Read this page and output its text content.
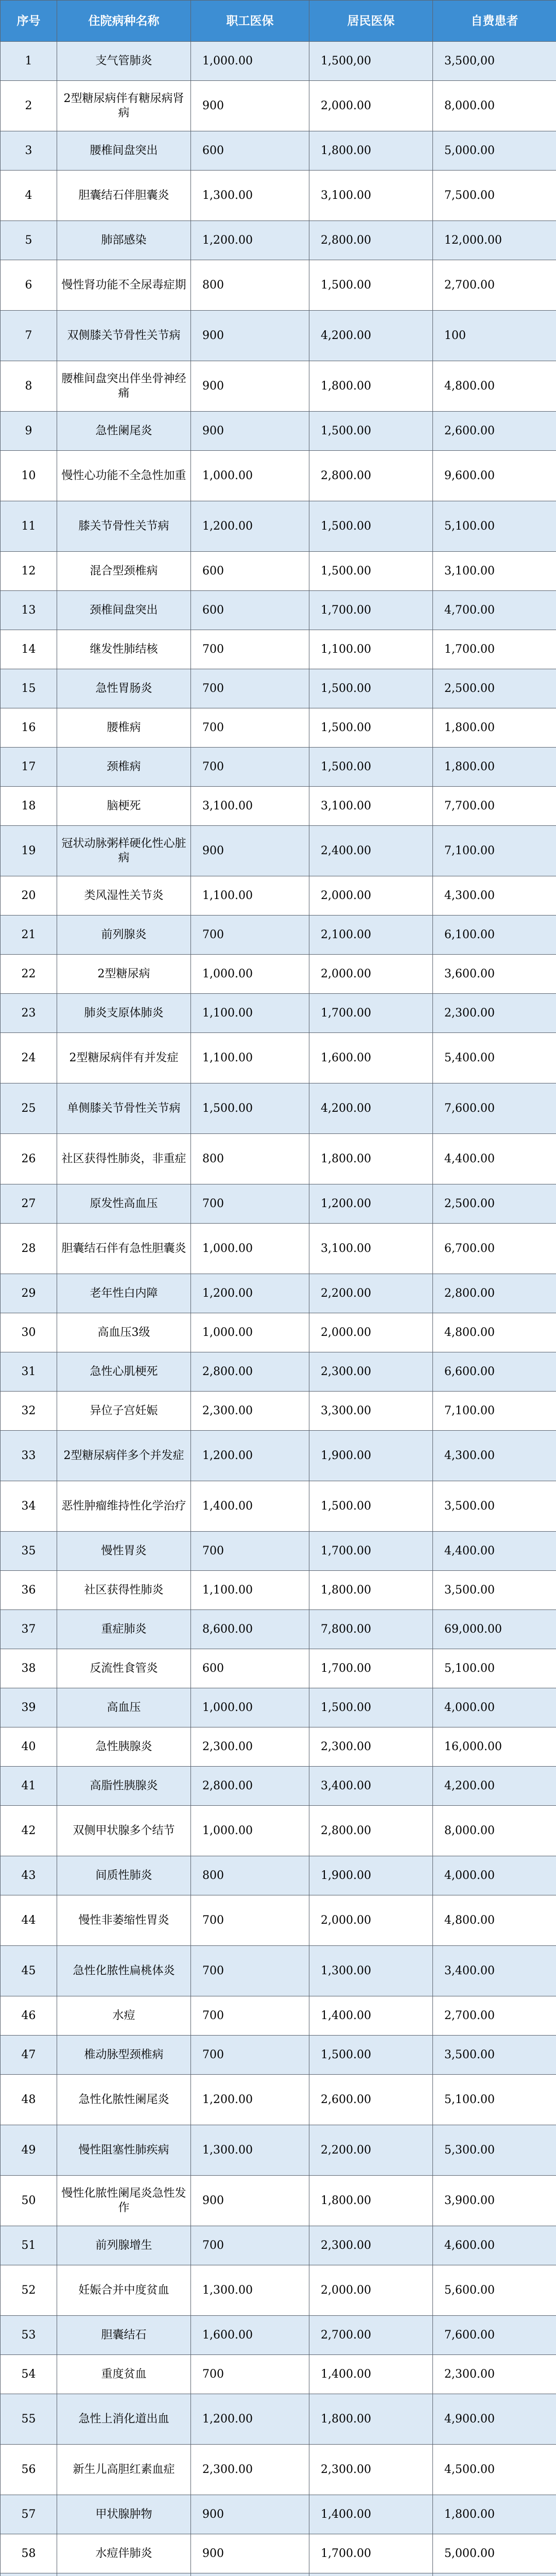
序号	住院病种名称	职工医保	居民医保	自费患者
1	支气管肺炎	1,000.00	1,500,00	3,500,00
2	2型糖尿病伴有糖尿病肾病	900	2,000.00	8,000.00
3	腰椎间盘突出	600	1,800.00	5,000.00
4	胆囊结石伴胆囊炎	1,300.00	3,100.00	7,500.00
5	肺部感染	1,200.00	2,800.00	12,000.00
6	慢性肾功能不全尿毒症期	800	1,500.00	2,700.00
7	双侧膝关节骨性关节病	900	4,200.00	100
8	腰椎间盘突出伴坐骨神经痛	900	1,800.00	4,800.00
9	急性阑尾炎	900	1,500.00	2,600.00
10	慢性心功能不全急性加重	1,000.00	2,800.00	9,600.00
11	膝关节骨性关节病	1,200.00	1,500.00	5,100.00
12	混合型颈椎病	600	1,500.00	3,100.00
13	颈椎间盘突出	600	1,700.00	4,700.00
14	继发性肺结核	700	1,100.00	1,700.00
15	急性胃肠炎	700	1,500.00	2,500.00
16	腰椎病	700	1,500.00	1,800.00
17	颈椎病	700	1,500.00	1,800.00
18	脑梗死	3,100.00	3,100.00	7,700.00
19	冠状动脉粥样硬化性心脏病	900	2,400.00	7,100.00
20	类风湿性关节炎	1,100.00	2,000.00	4,300.00
21	前列腺炎	700	2,100.00	6,100.00
22	2型糖尿病	1,000.00	2,000.00	3,600.00
23	肺炎支原体肺炎	1,100.00	1,700.00	2,300.00
24	2型糖尿病伴有并发症	1,100.00	1,600.00	5,400.00
25	单侧膝关节骨性关节病	1,500.00	4,200.00	7,600.00
26	社区获得性肺炎，非重症	800	1,800.00	4,400.00
27	原发性高血压	700	1,200.00	2,500.00
28	胆囊结石伴有急性胆囊炎	1,000.00	3,100.00	6,700.00
29	老年性白内障	1,200.00	2,200.00	2,800.00
30	高血压3级	1,000.00	2,000.00	4,800.00
31	急性心肌梗死	2,800.00	2,300.00	6,600.00
32	异位子宫妊娠	2,300.00	3,300.00	7,100.00
33	2型糖尿病伴多个并发症	1,200.00	1,900.00	4,300.00
34	恶性肿瘤维持性化学治疗	1,400.00	1,500.00	3,500.00
35	慢性胃炎	700	1,700.00	4,400.00
36	社区获得性肺炎	1,100.00	1,800.00	3,500.00
37	重症肺炎	8,600.00	7,800.00	69,000.00
38	反流性食管炎	600	1,700.00	5,100.00
39	高血压	1,000.00	1,500.00	4,000.00
40	急性胰腺炎	2,300.00	2,300.00	16,000.00
41	高脂性胰腺炎	2,800.00	3,400.00	4,200.00
42	双侧甲状腺多个结节	1,000.00	2,800.00	8,000.00
43	间质性肺炎	800	1,900.00	4,000.00
44	慢性非萎缩性胃炎	700	2,000.00	4,800.00
45	急性化脓性扁桃体炎	700	1,300.00	3,400.00
46	水痘	700	1,400.00	2,700.00
47	椎动脉型颈椎病	700	1,500.00	3,500.00
48	急性化脓性阑尾炎	1,200.00	2,600.00	5,100.00
49	慢性阻塞性肺疾病	1,300.00	2,200.00	5,300.00
50	慢性化脓性阑尾炎急性发作	900	1,800.00	3,900.00
51	前列腺增生	700	2,300.00	4,600.00
52	妊娠合并中度贫血	1,300.00	2,000.00	5,600.00
53	胆囊结石	1,600.00	2,700.00	7,600.00
54	重度贫血	700	1,400.00	2,300.00
55	急性上消化道出血	1,200.00	1,800.00	4,900.00
56	新生儿高胆红素血症	2,300.00	2,300.00	4,500.00
57	甲状腺肿物	900	1,400.00	1,800.00
58	水痘伴肺炎	900	1,700.00	5,000.00
